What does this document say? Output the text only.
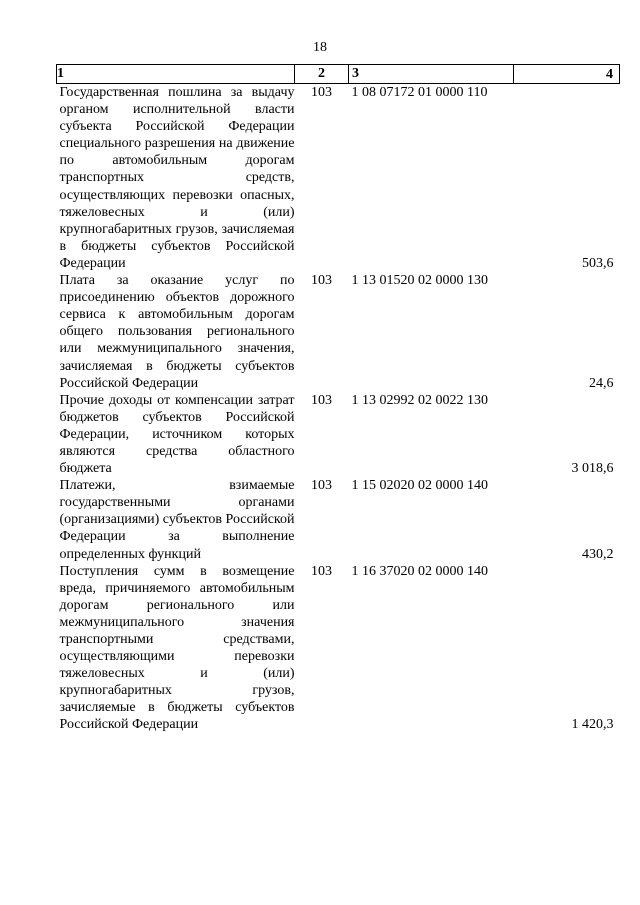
18
1	2	3	4
Государственная пошлина за выдачу органом исполнительной власти субъекта Российской Федерации специального разрешения на движение по автомобильным дорогам транспортных средств, осуществляющих перевозки опасных, тяжеловесных и (или) крупногабаритных грузов, зачисляемая в бюджеты субъектов Российской Федерации	103	1 08 07172 01 0000 110	503,6
Плата за оказание услуг по присоединению объектов дорожного сервиса к автомобильным дорогам общего пользования регионального или межмуниципального значения, зачисляемая в бюджеты субъектов Российской Федерации	103	1 13 01520 02 0000 130	24,6
Прочие доходы от компенсации затрат бюджетов субъектов Российской Федерации, источником которых являются средства областного бюджета	103	1 13 02992 02 0022 130	3 018,6
Платежи, взимаемые государственными органами (организациями) субъектов Российской Федерации за выполнение определенных функций	103	1 15 02020 02 0000 140	430,2
Поступления сумм в возмещение вреда, причиняемого автомобильным дорогам регионального или межмуниципального значения транспортными средствами, осуществляющими перевозки тяжеловесных и (или) крупногабаритных грузов, зачисляемые в бюджеты субъектов Российской Федерации	103	1 16 37020 02 0000 140	1 420,3
